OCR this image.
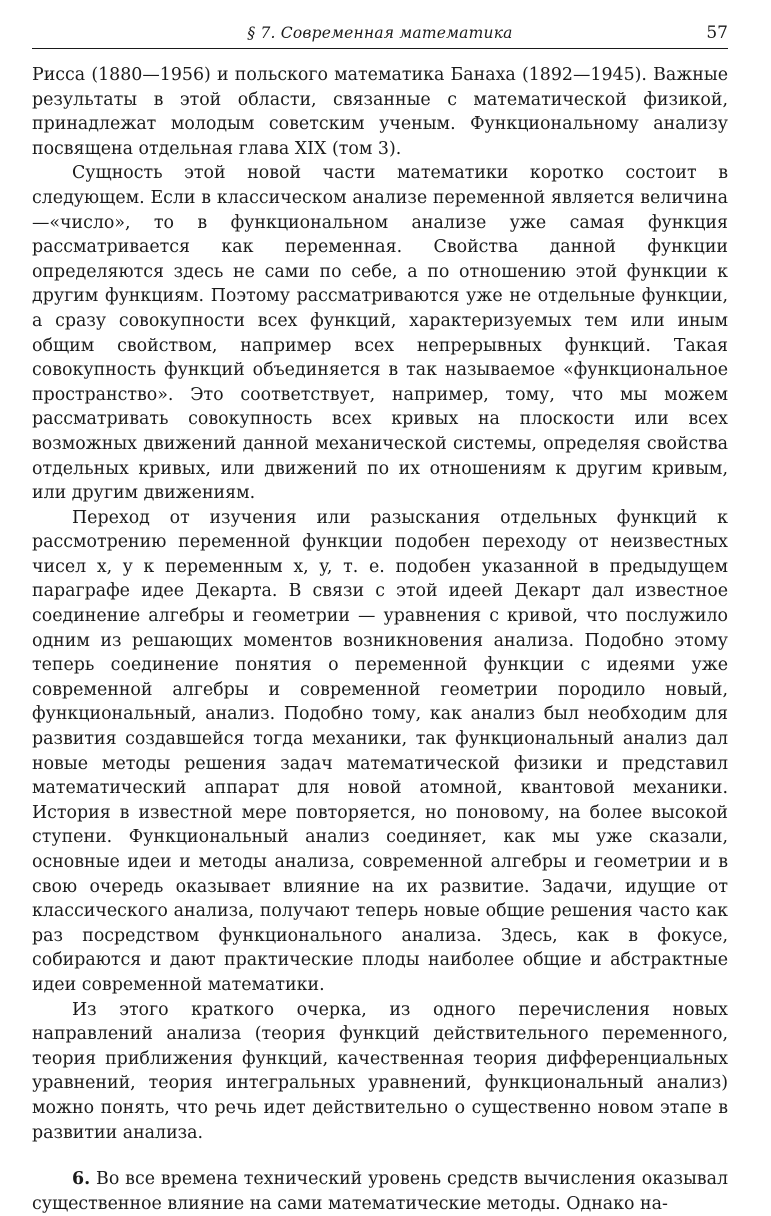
§ 7. Современная математика	57

Рисса (1880—1956) и польского математика Банаха (1892—1945). Важные результаты в этой области, связанные с математической физикой, принадлежат молодым советским ученым. Функциональному анализу посвящена отдельная глава XIX (том 3).

Сущность этой новой части математики коротко состоит в следующем. Если в классическом анализе переменной является величина —«число», то в функциональном анализе уже самая функция рассматривается как переменная. Свойства данной функции определяются здесь не сами по себе, а по отношению этой функции к другим функциям. Поэтому рассматриваются уже не отдельные функции, а сразу совокупности всех функций, характеризуемых тем или иным общим свойством, например всех непрерывных функций. Такая совокупность функций объединяется в так называемое «функциональное пространство». Это соответствует, например, тому, что мы можем рассматривать совокупность всех кривых на плоскости или всех возможных движений данной механической системы, определяя свойства отдельных кривых, или движений по их отношениям к другим кривым, или другим движениям.

Переход от изучения или разыскания отдельных функций к рассмотрению переменной функции подобен переходу от неизвестных чисел x, y к переменным x, y, т. е. подобен указанной в предыдущем параграфе идее Декарта. В связи с этой идеей Декарт дал известное соединение алгебры и геометрии — уравнения с кривой, что послужило одним из решающих моментов возникновения анализа. Подобно этому теперь соединение понятия о переменной функции с идеями уже современной алгебры и современной геометрии породило новый, функциональный, анализ. Подобно тому, как анализ был необходим для развития создавшейся тогда механики, так функциональный анализ дал новые методы решения задач математической физики и представил математический аппарат для новой атомной, квантовой механики. История в известной мере повторяется, но поновому, на более высокой ступени. Функциональный анализ соединяет, как мы уже сказали, основные идеи и методы анализа, современной алгебры и геометрии и в свою очередь оказывает влияние на их развитие. Задачи, идущие от классического анализа, получают теперь новые общие решения часто как раз посредством функционального анализа. Здесь, как в фокусе, собираются и дают практические плоды наиболее общие и абстрактные идеи современной математики.

Из этого краткого очерка, из одного перечисления новых направлений анализа (теория функций действительного переменного, теория приближения функций, качественная теория дифференциальных уравнений, теория интегральных уравнений, функциональный анализ) можно понять, что речь идет действительно о существенно новом этапе в развитии анализа.

6. Во все времена технический уровень средств вычисления оказывал существенное влияние на сами математические методы. Однако на-
